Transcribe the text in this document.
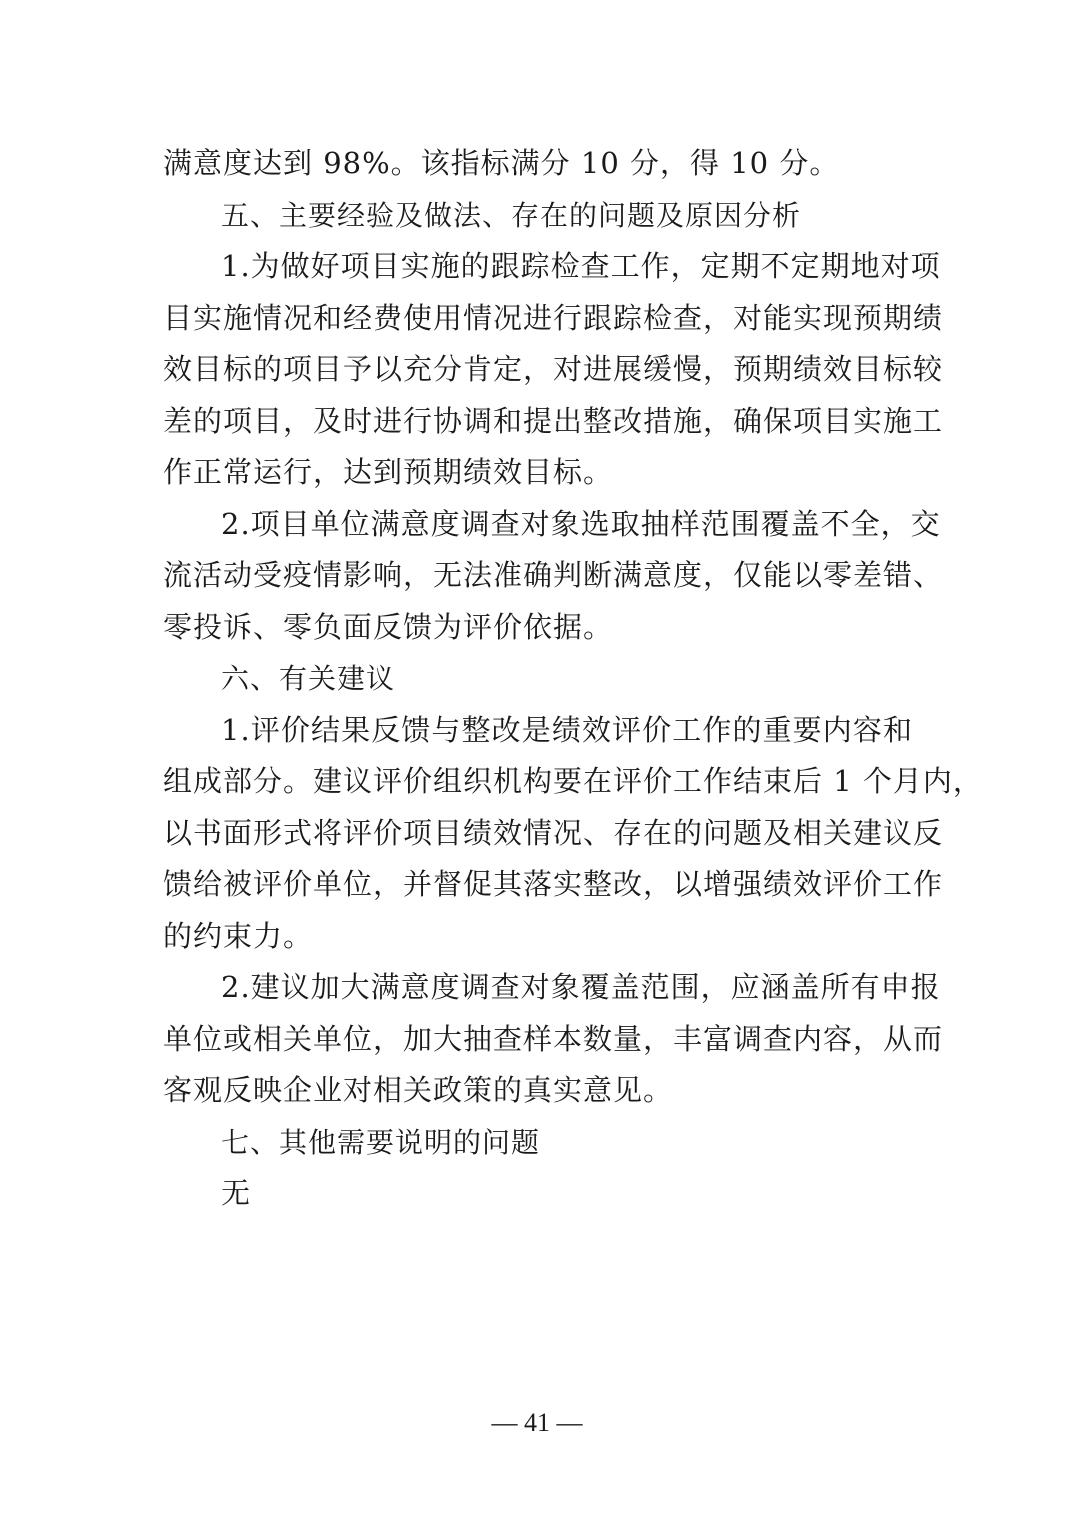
满意度达到 98%。该指标满分 10 分，得 10 分。
五、主要经验及做法、存在的问题及原因分析
1.为做好项目实施的跟踪检查工作，定期不定期地对项
目实施情况和经费使用情况进行跟踪检查，对能实现预期绩
效目标的项目予以充分肯定，对进展缓慢，预期绩效目标较
差的项目，及时进行协调和提出整改措施，确保项目实施工
作正常运行，达到预期绩效目标。
2.项目单位满意度调查对象选取抽样范围覆盖不全，交
流活动受疫情影响，无法准确判断满意度，仅能以零差错、
零投诉、零负面反馈为评价依据。
六、有关建议
1.评价结果反馈与整改是绩效评价工作的重要内容和
组成部分。建议评价组织机构要在评价工作结束后 1 个月内，
以书面形式将评价项目绩效情况、存在的问题及相关建议反
馈给被评价单位，并督促其落实整改，以增强绩效评价工作
的约束力。
2.建议加大满意度调查对象覆盖范围，应涵盖所有申报
单位或相关单位，加大抽查样本数量，丰富调查内容，从而
客观反映企业对相关政策的真实意见。
七、其他需要说明的问题
无
— 41 —
